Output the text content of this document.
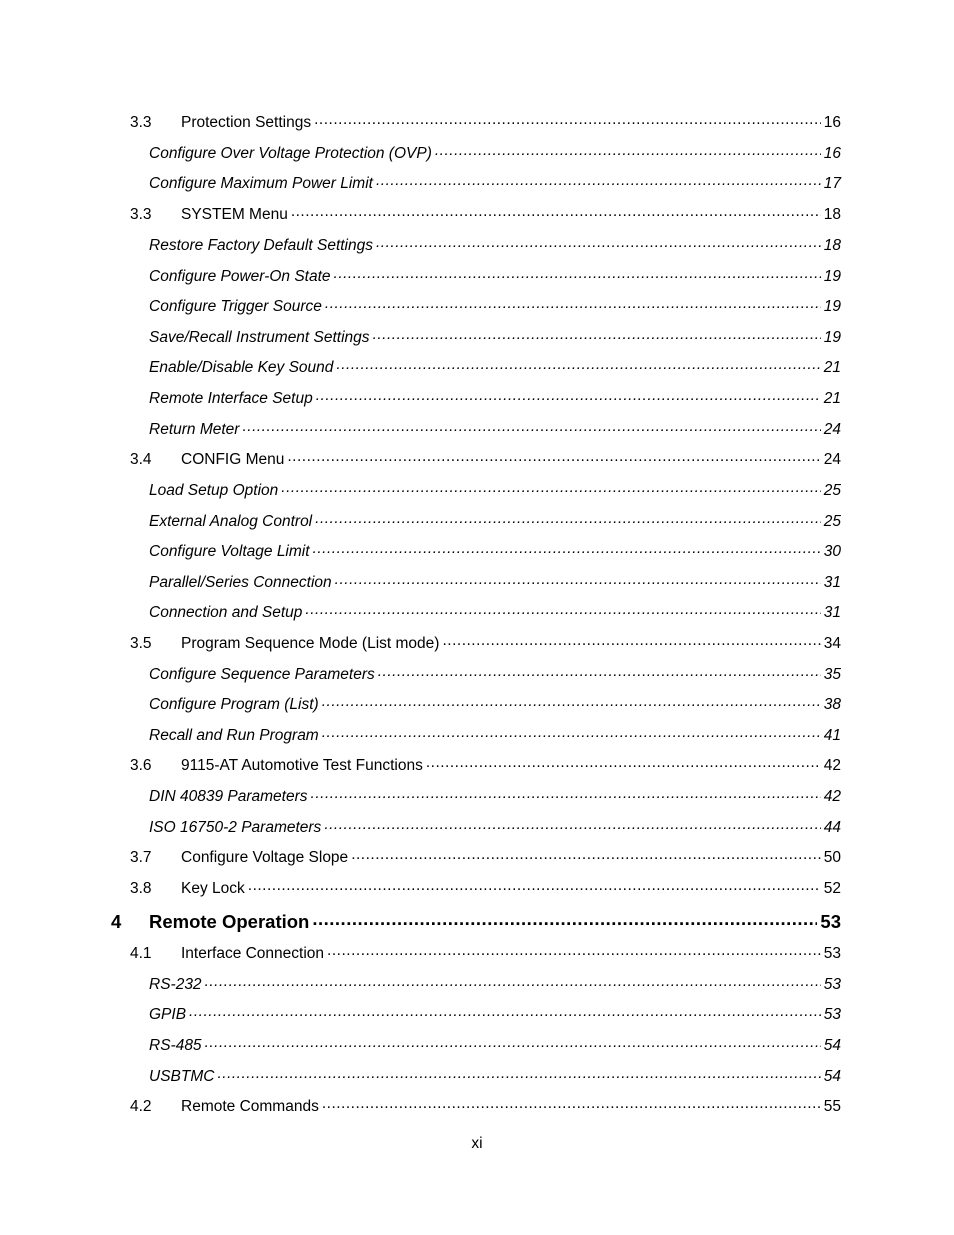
3.3	Protection Settings .....	16
Configure Over Voltage Protection (OVP) .....	16
Configure Maximum Power Limit .....	17
3.3	SYSTEM Menu .....	18
Restore Factory Default Settings .....	18
Configure Power-On State .....	19
Configure Trigger Source .....	19
Save/Recall Instrument Settings .....	19
Enable/Disable Key Sound .....	21
Remote Interface Setup .....	21
Return Meter .....	24
3.4	CONFIG Menu .....	24
Load Setup Option .....	25
External Analog Control .....	25
Configure Voltage Limit .....	30
Parallel/Series Connection .....	31
Connection and Setup .....	31
3.5	Program Sequence Mode (List mode) .....	34
Configure Sequence Parameters .....	35
Configure Program (List) .....	38
Recall and Run Program .....	41
3.6	9115-AT Automotive Test Functions .....	42
DIN 40839 Parameters .....	42
ISO 16750-2 Parameters .....	44
3.7	Configure Voltage Slope .....	50
3.8	Key Lock .....	52
4	Remote Operation .....	53
4.1	Interface Connection .....	53
RS-232 .....	53
GPIB .....	53
RS-485 .....	54
USBTMC .....	54
4.2	Remote Commands .....	55
xi
